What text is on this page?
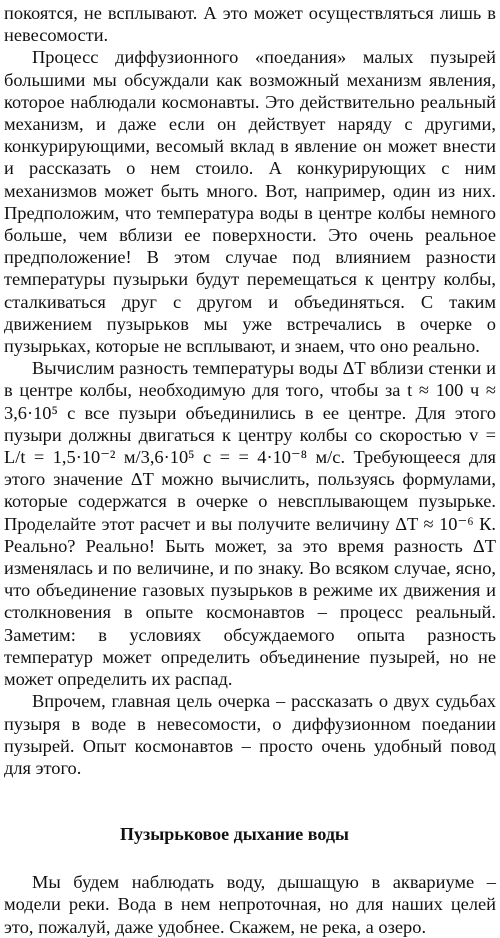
покоятся, не всплывают. А это может осуществляться лишь в невесомости.

Процесс диффузионного «поедания» малых пузырей большими мы обсуждали как возможный механизм явления, которое наблюдали космонавты. Это действительно реальный механизм, и даже если он действует наряду с другими, конкурирующими, весомый вклад в явление он может внести и рассказать о нем стоило. А конкурирующих с ним механизмов может быть много. Вот, например, один из них. Предположим, что температура воды в центре колбы немного больше, чем вблизи ее поверхности. Это очень реальное предположение! В этом случае под влиянием разности температуры пузырьки будут перемещаться к центру колбы, сталкиваться друг с другом и объединяться. С таким движением пузырьков мы уже встречались в очерке о пузырьках, которые не всплывают, и знаем, что оно реально.

Вычислим разность температуры воды ΔT вблизи стенки и в центре колбы, необходимую для того, чтобы за t ≈ 100 ч ≈ 3,6·10⁵ с все пузыри объединились в ее центре. Для этого пузыри должны двигаться к центру колбы со скоростью v = L/t = 1,5·10⁻² м/3,6·10⁵ с = = 4·10⁻⁸ м/с. Требующееся для этого значение ΔT можно вычислить, пользуясь формулами, которые содержатся в очерке о невсплывающем пузырьке. Проделайте этот расчет и вы получите величину ΔT ≈ 10⁻⁶ К. Реально? Реально! Быть может, за это время разность ΔT изменялась и по величине, и по знаку. Во всяком случае, ясно, что объединение газовых пузырьков в режиме их движения и столкновения в опыте космонавтов – процесс реальный. Заметим: в условиях обсуждаемого опыта разность температур может определить объединение пузырей, но не может определить их распад.

Впрочем, главная цель очерка – рассказать о двух судьбах пузыря в воде в невесомости, о диффузионном поедании пузырей. Опыт космонавтов – просто очень удобный повод для этого.

Пузырьковое дыхание воды

Мы будем наблюдать воду, дышащую в аквариуме – модели реки. Вода в нем непроточная, но для наших целей это, пожалуй, даже удобнее. Скажем, не река, а озеро.
